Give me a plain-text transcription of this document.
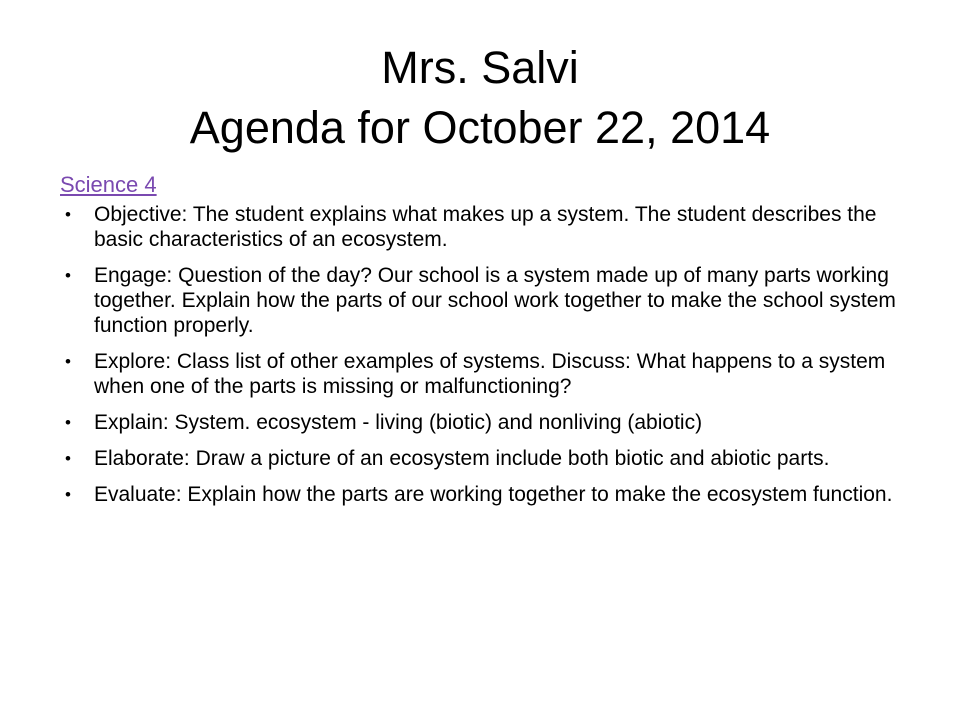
Mrs. Salvi
Agenda for October 22, 2014
Science 4
• Objective: The student explains what makes up a system. The student describes the basic characteristics of an ecosystem.
• Engage: Question of the day? Our school is a system made up of many parts working together. Explain how the parts of our school work together to make the school system function properly.
• Explore: Class list of other examples of systems. Discuss: What happens to a system when one of the parts is missing or malfunctioning?
• Explain: System. ecosystem - living (biotic) and nonliving (abiotic)
• Elaborate: Draw a picture of an ecosystem include both biotic and abiotic parts.
• Evaluate: Explain how the parts are working together to make the ecosystem function.
